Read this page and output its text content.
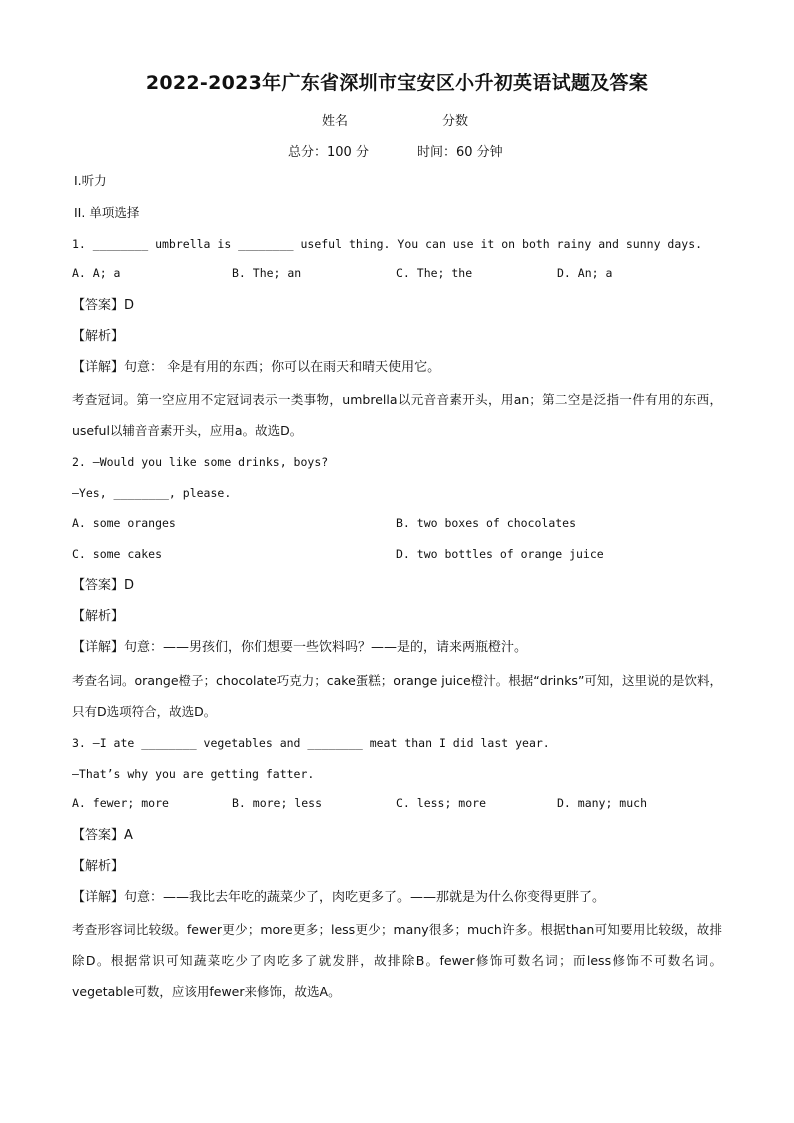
2022-2023年广东省深圳市宝安区小升初英语试题及答案
姓名	分数
总分：100 分	时间：60 分钟
Ⅰ.听力
II. 单项选择
1. ________ umbrella is ________ useful thing. You can use it on both rainy and sunny days.
A. A; a	B. The; an	C. The; the	D. An; a
【答案】D
【解析】
【详解】句意： 伞是有用的东西；你可以在雨天和晴天使用它。
考查冠词。第一空应用不定冠词表示一类事物，umbrella以元音音素开头，用an；第二空是泛指一件有用的东西，useful以辅音音素开头，应用a。故选D。
2. —Would you like some drinks, boys?
—Yes, ________, please.
A. some oranges	B. two boxes of chocolates
C. some cakes	D. two bottles of orange juice
【答案】D
【解析】
【详解】句意：——男孩们，你们想要一些饮料吗？——是的，请来两瓶橙汁。
考查名词。orange橙子；chocolate巧克力；cake蛋糕；orange juice橙汁。根据“drinks”可知，这里说的是饮料，只有D选项符合，故选D。
3. —I ate ________ vegetables and ________ meat than I did last year.
—That’s why you are getting fatter.
A. fewer; more	B. more; less	C. less; more	D. many; much
【答案】A
【解析】
【详解】句意：——我比去年吃的蔬菜少了，肉吃更多了。——那就是为什么你变得更胖了。
考查形容词比较级。fewer更少；more更多；less更少；many很多；much许多。根据than可知要用比较级，故排除D。根据常识可知蔬菜吃少了肉吃多了就发胖，故排除B。fewer修饰可数名词；而less修饰不可数名词。vegetable可数，应该用fewer来修饰，故选A。
